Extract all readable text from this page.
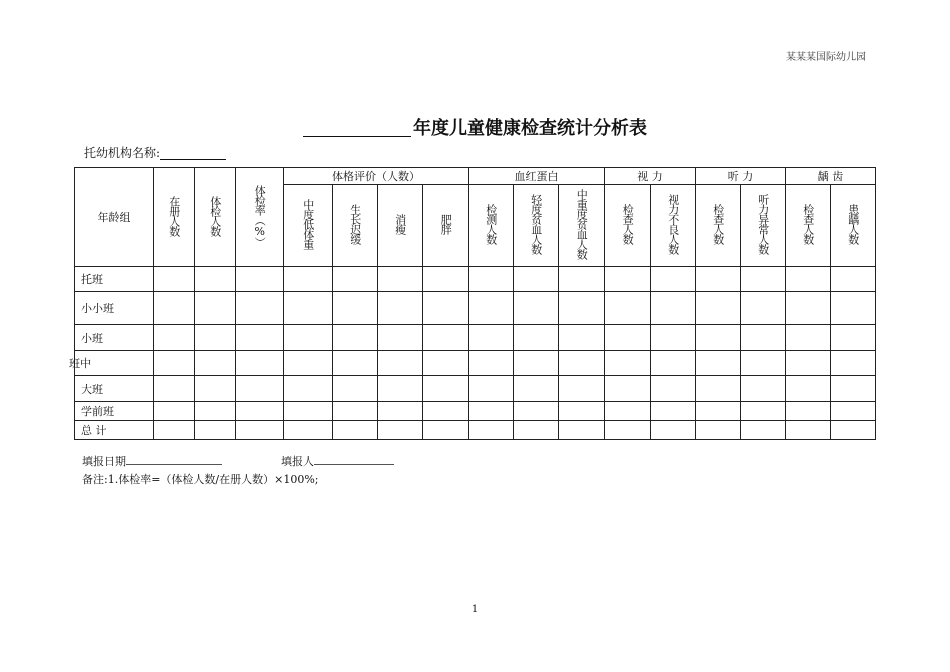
某某某国际幼儿园
年度儿童健康检查统计分析表
托幼机构名称:
年龄组	在册人数	体检人数	体检率（%）	体格评价（人数）				血红蛋白			视 力		听 力		龋 齿	
				中度低体重	生长迟缓	消瘦	肥胖	检测人数	轻度贫血人数	中重度贫血人数	检查人数	视力不良人数	检查人数	听力异常人数	检查人数	患龋人数
托班																
小小班																
小班																
班中																
大班																
学前班																
总 计																
填报日期	填报人
备注:1.体检率=（体检人数/在册人数）×100%;
1
